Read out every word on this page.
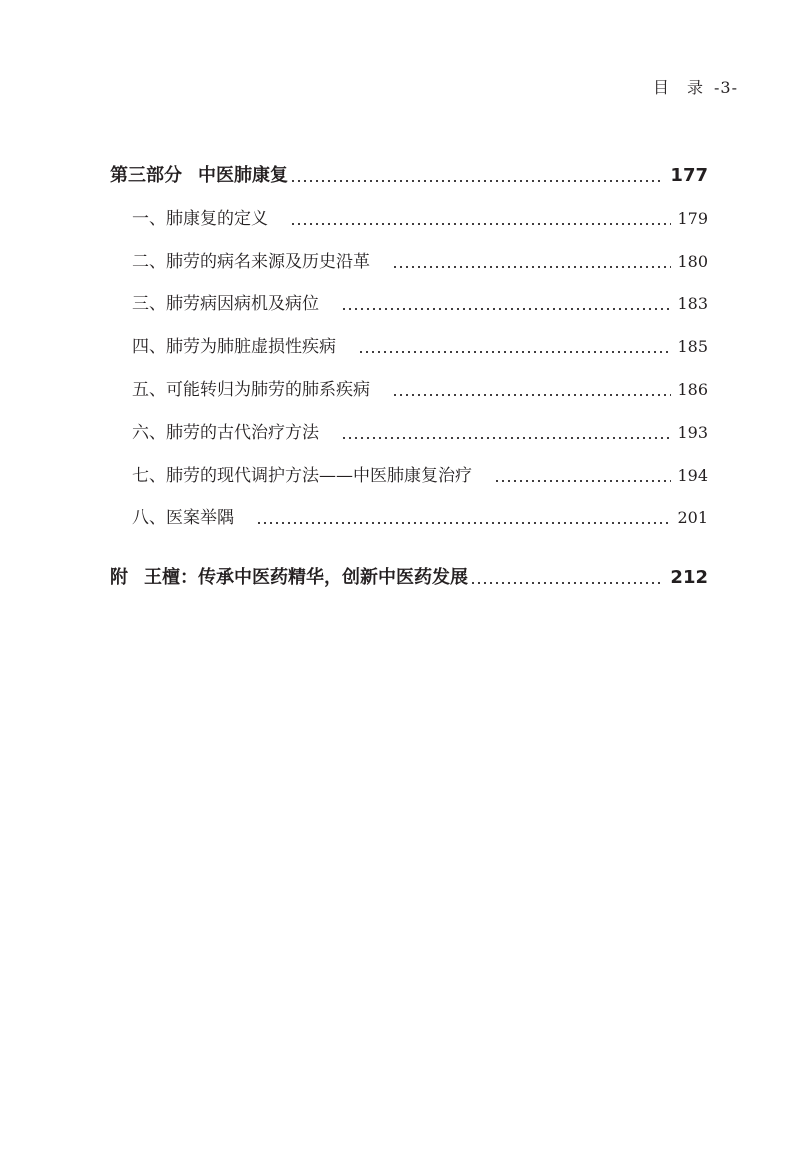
目　录 -3-
第三部分 中医肺康复	177
一、肺康复的定义	179
二、肺劳的病名来源及历史沿革	180
三、肺劳病因病机及病位	183
四、肺劳为肺脏虚损性疾病	185
五、可能转归为肺劳的肺系疾病	186
六、肺劳的古代治疗方法	193
七、肺劳的现代调护方法——中医肺康复治疗	194
八、医案举隅	201
附 王檀：传承中医药精华，创新中医药发展	212
